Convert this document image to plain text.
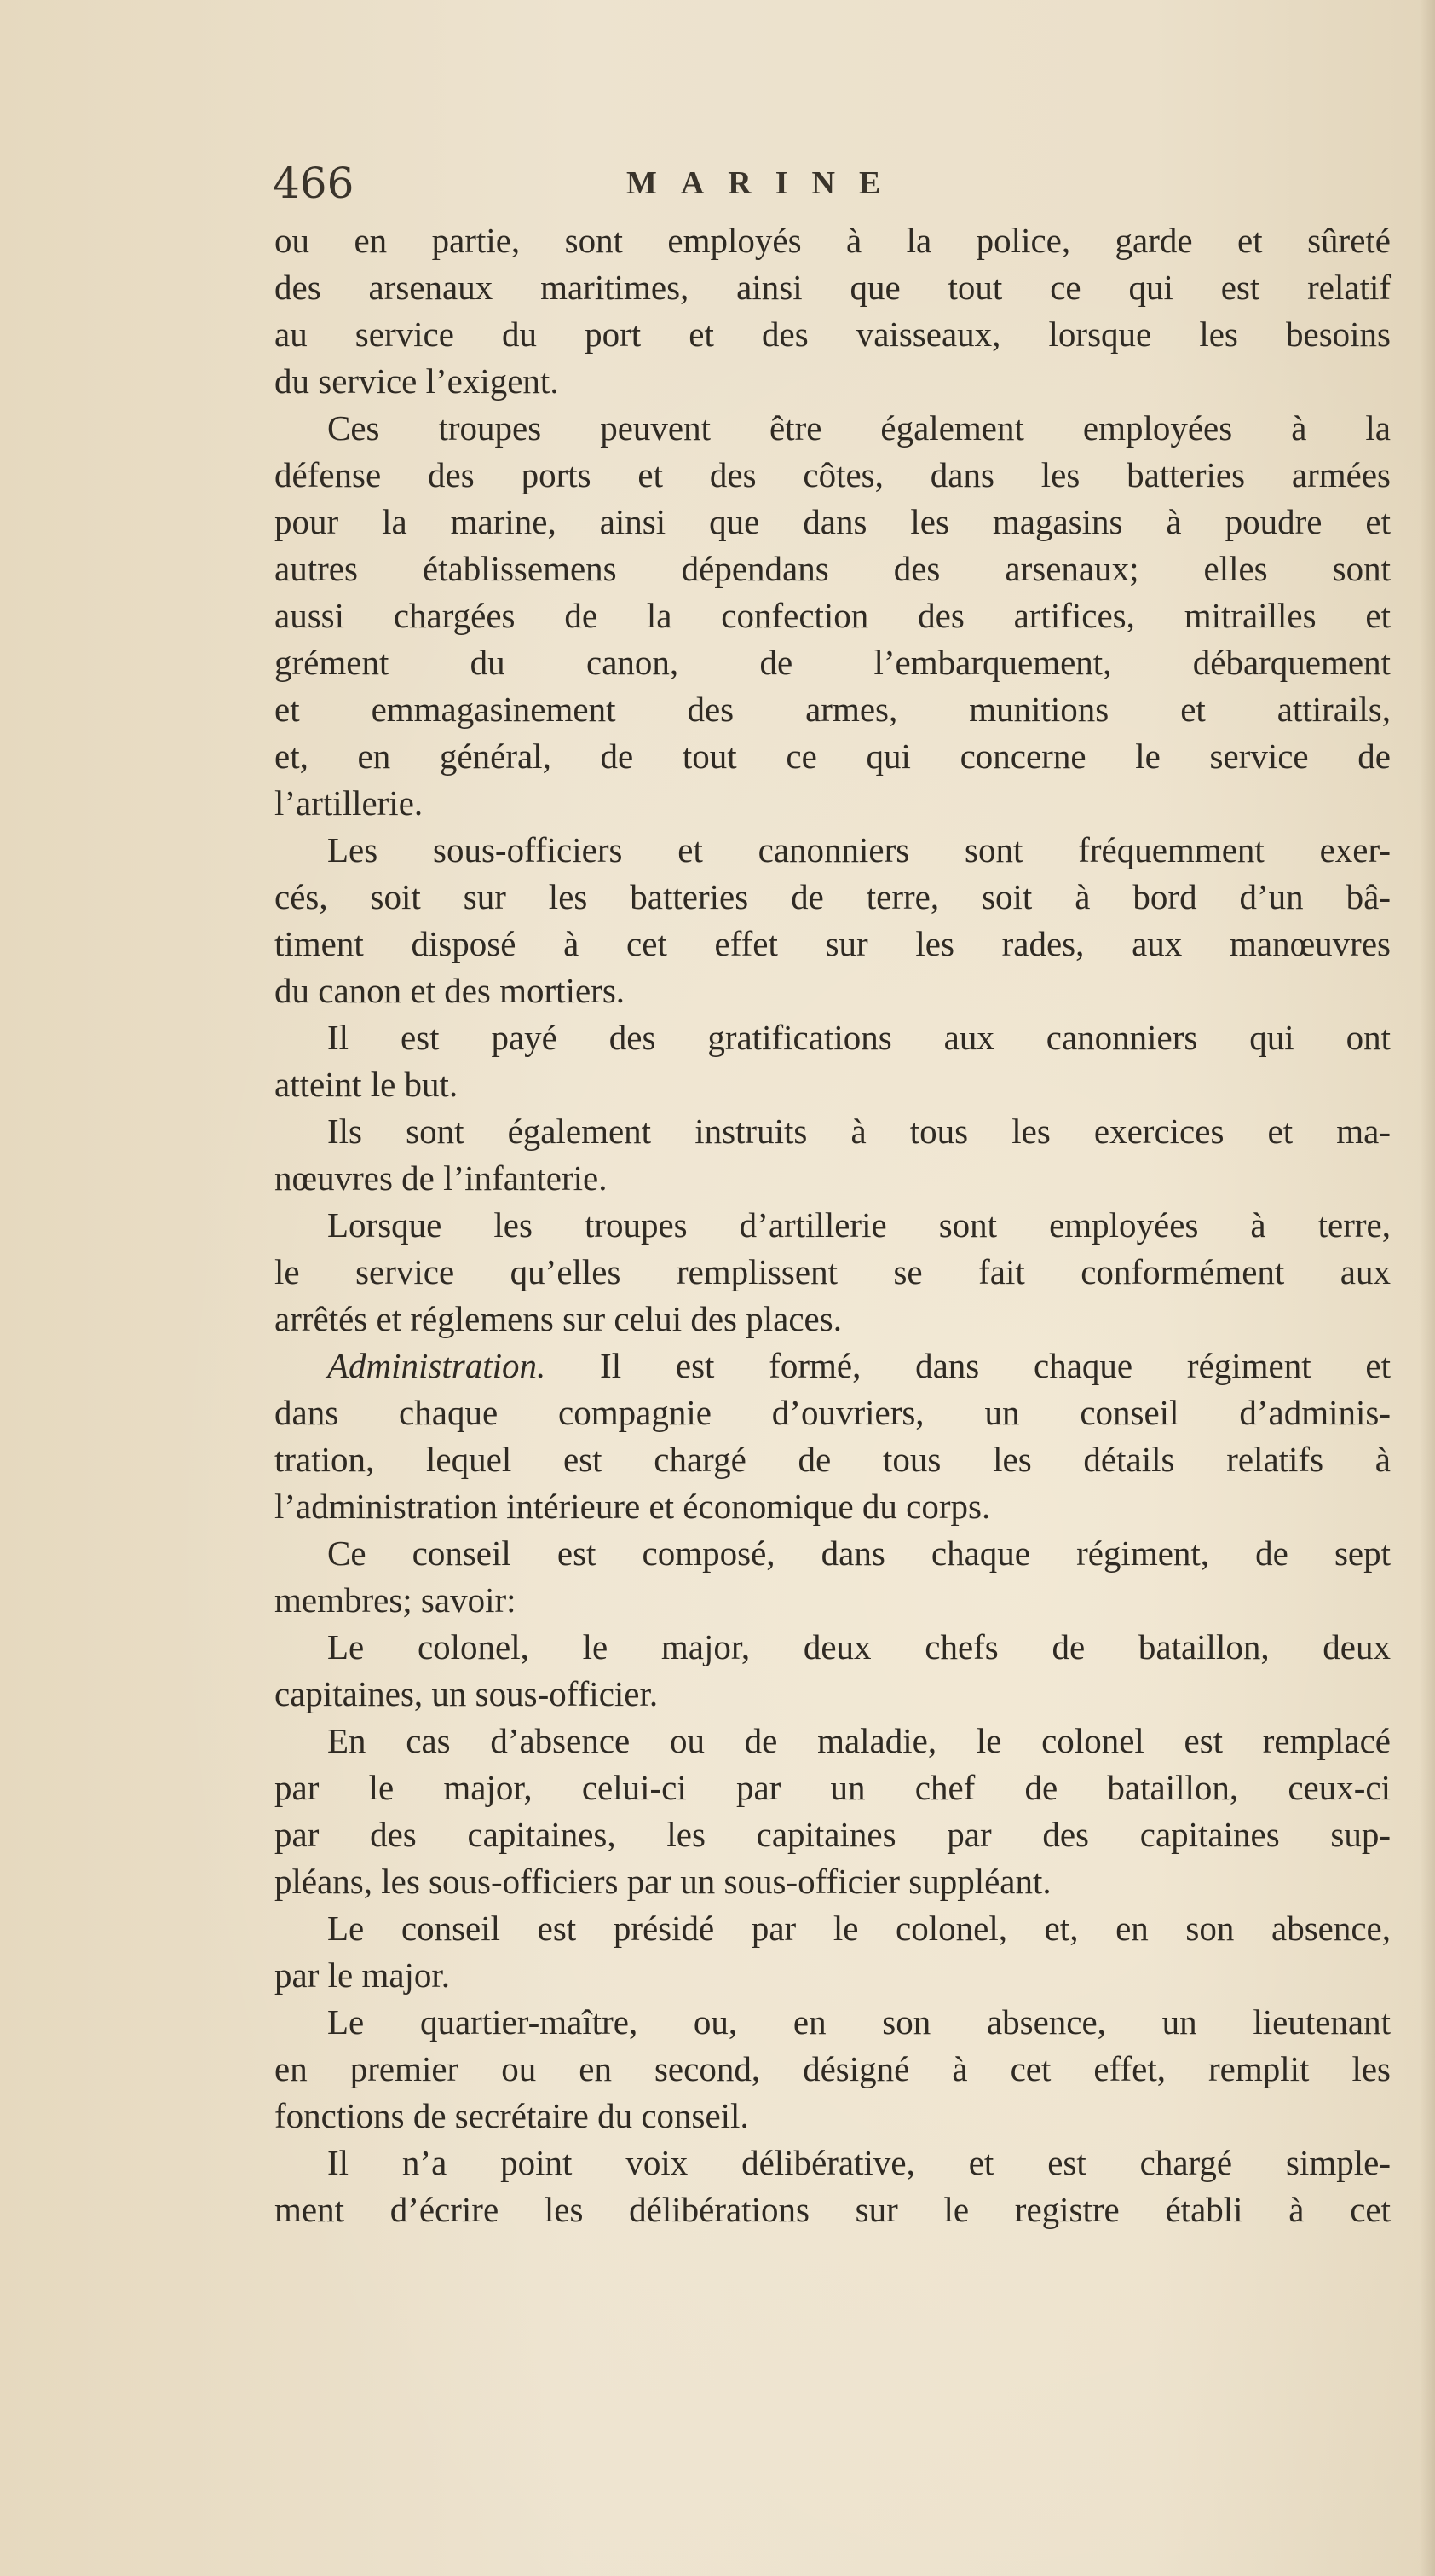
466	MARINE
ou en partie, sont employés à la police, garde et sûreté
des arsenaux maritimes, ainsi que tout ce qui est relatif
au service du port et des vaisseaux, lorsque les besoins
du service l’exigent.
Ces troupes peuvent être également employées à la
défense des ports et des côtes, dans les batteries armées
pour la marine, ainsi que dans les magasins à poudre et
autres établissemens dépendans des arsenaux; elles sont
aussi chargées de la confection des artifices, mitrailles et
grément du canon, de l’embarquement, débarquement
et emmagasinement des armes, munitions et attirails,
et, en général, de tout ce qui concerne le service de
l’artillerie.
Les sous-officiers et canonniers sont fréquemment exer-
cés, soit sur les batteries de terre, soit à bord d’un bâ-
timent disposé à cet effet sur les rades, aux manœuvres
du canon et des mortiers.
Il est payé des gratifications aux canonniers qui ont
atteint le but.
Ils sont également instruits à tous les exercices et ma-
nœuvres de l’infanterie.
Lorsque les troupes d’artillerie sont employées à terre,
le service qu’elles remplissent se fait conformément aux
arrêtés et réglemens sur celui des places.
Administration. Il est formé, dans chaque régiment et
dans chaque compagnie d’ouvriers, un conseil d’adminis-
tration, lequel est chargé de tous les détails relatifs à
l’administration intérieure et économique du corps.
Ce conseil est composé, dans chaque régiment, de sept
membres; savoir:
Le colonel, le major, deux chefs de bataillon, deux
capitaines, un sous-officier.
En cas d’absence ou de maladie, le colonel est remplacé
par le major, celui-ci par un chef de bataillon, ceux-ci
par des capitaines, les capitaines par des capitaines sup-
pléans, les sous-officiers par un sous-officier suppléant.
Le conseil est présidé par le colonel, et, en son absence,
par le major.
Le quartier-maître, ou, en son absence, un lieutenant
en premier ou en second, désigné à cet effet, remplit les
fonctions de secrétaire du conseil.
Il n’a point voix délibérative, et est chargé simple-
ment d’écrire les délibérations sur le registre établi à cet
